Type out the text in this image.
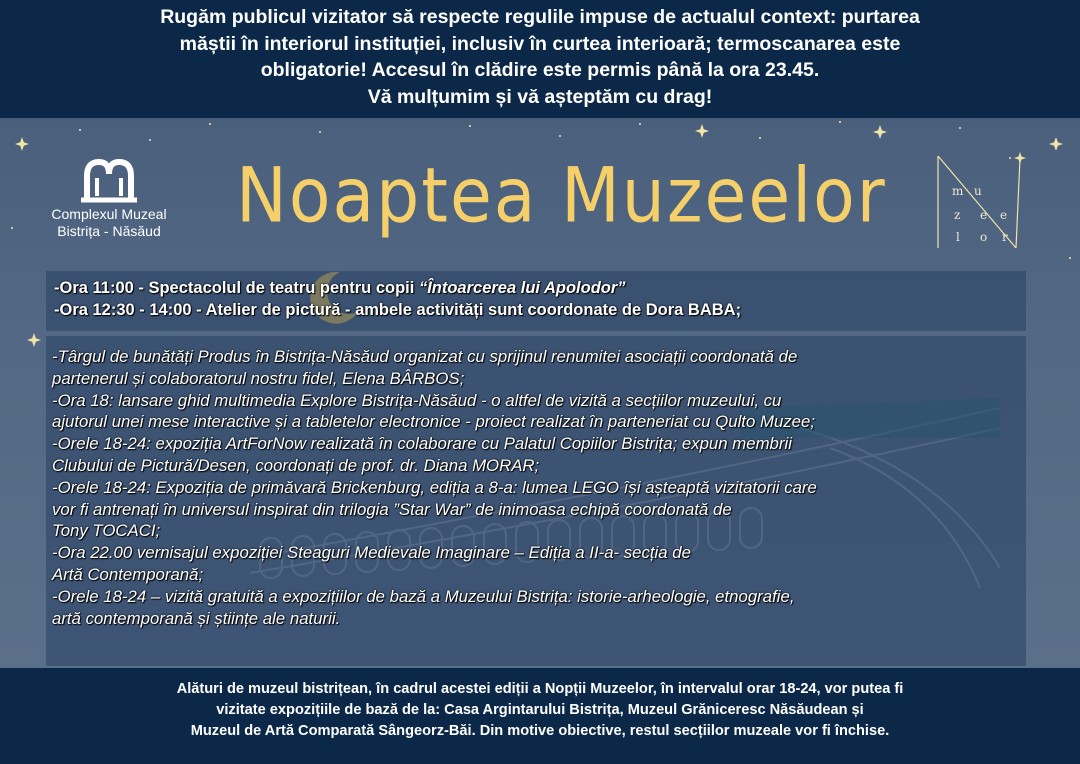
Rugăm publicul vizitator să respecte regulile impuse de actualul context: purtarea

măștii în interiorul instituției, inclusiv în curtea interioară; termoscanarea este

obligatorie! Accesul în clădire este permis până la ora 23.45.

Vă mulțumim și vă așteptăm cu drag!

Complexul Muzeal
Bistrița - Năsăud Noaptea Muzeelor	m u
z e e
l o r

-Ora 11:00 - Spectacolul de teatru pentru copii “Întoarcerea lui Apolodor”

-Ora 12:30 - 14:00 - Atelier de pictură - ambele activități sunt coordonate de Dora BABA;

-Târgul de bunătăți Produs în Bistrița-Năsăud organizat cu sprijinul renumitei asociații coordonată de

partenerul și colaboratorul nostru fidel, Elena BÂRBOS;

-Ora 18: lansare ghid multimedia Explore Bistrița-Năsăud - o altfel de vizită a secțiilor muzeului, cu

ajutorul unei mese interactive și a tabletelor electronice - proiect realizat în parteneriat cu Qulto Muzee;

-Orele 18-24: expoziția ArtForNow realizată în colaborare cu Palatul Copiilor Bistrița; expun membrii

Clubului de Pictură/Desen, coordonați de prof. dr. Diana MORAR;

-Orele 18-24: Expoziția de primăvară Brickenburg, ediția a 8-a: lumea LEGO își așteaptă vizitatorii care

vor fi antrenați în universul inspirat din trilogia ”Star War” de inimoasa echipă coordonată de

Tony TOCACI;

-Ora 22.00 vernisajul expoziției Steaguri Medievale Imaginare – Ediția a II-a- secția de

Artă Contemporană;

-Orele 18-24 – vizită gratuită a expozițiilor de bază a Muzeului Bistrița: istorie-arheologie, etnografie,

artă contemporană și științe ale naturii.

Alături de muzeul bistrițean, în cadrul acestei ediții a Nopții Muzeelor, în intervalul orar 18-24, vor putea fi

vizitate expozițiile de bază de la: Casa Argintarului Bistrița, Muzeul Grăniceresc Năsăudean și

Muzeul de Artă Comparată Sângeorz-Băi. Din motive obiective, restul secțiilor muzeale vor fi închise.
